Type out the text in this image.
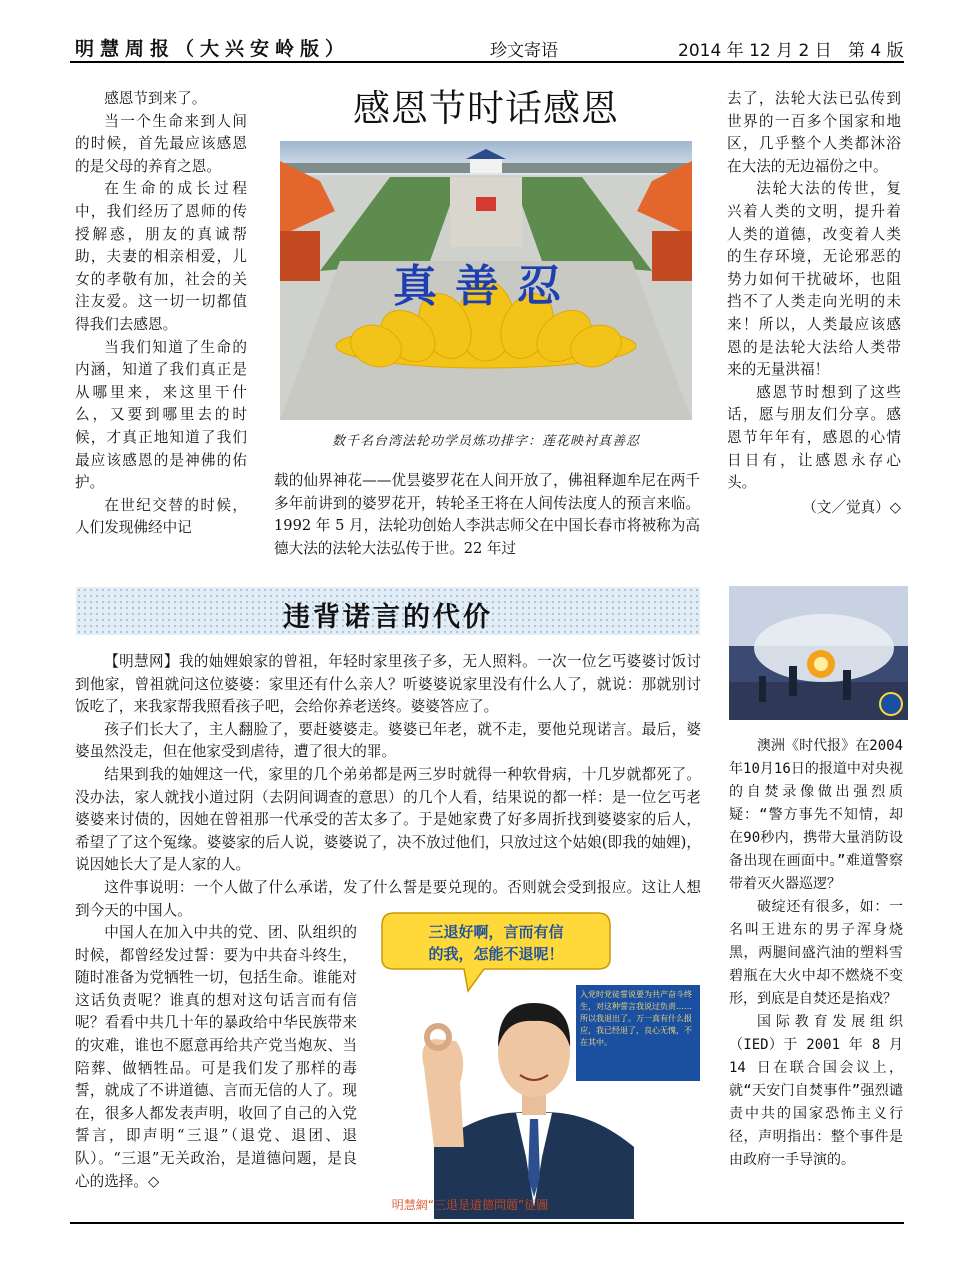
明慧周报（大兴安岭版）	珍文寄语	2014 年 12 月 2 日 第 4 版
感恩节时话感恩

感恩节到来了。

当一个生命来到人间的时候，首先最应该感恩的是父母的养育之恩。

在生命的成长过程中，我们经历了恩师的传授解惑，朋友的真诚帮助，夫妻的相亲相爱，儿女的孝敬有加，社会的关注友爱。这一切一切都值得我们去感恩。

当我们知道了生命的内涵，知道了我们真正是从哪里来，来这里干什么，又要到哪里去的时候，才真正地知道了我们最应该感恩的是神佛的佑护。

在世纪交替的时候，人们发现佛经中记

真善忍
数千名台湾法轮功学员炼功排字：莲花映衬真善忍

载的仙界神花——优昙婆罗花在人间开放了，佛祖释迦牟尼在两千多年前讲到的婆罗花开，转轮圣王将在人间传法度人的预言来临。1992 年 5 月，法轮功创始人李洪志师父在中国长春市将被称为高德大法的法轮大法弘传于世。22 年过

去了，法轮大法已弘传到世界的一百多个国家和地区，几乎整个人类都沐浴在大法的无边福份之中。

法轮大法的传世，复兴着人类的文明，提升着人类的道德，改变着人类的生存环境，无论邪恶的势力如何干扰破坏，也阻挡不了人类走向光明的未来！所以，人类最应该感恩的是法轮大法给人类带来的无量洪福！

感恩节时想到了这些话，愿与朋友们分享。感恩节年年有，感恩的心情日日有，让感恩永存心头。

（文／觉真）◇

违背诺言的代价

【明慧网】我的妯娌娘家的曾祖，年轻时家里孩子多，无人照料。一次一位乞丐婆婆讨饭讨到他家，曾祖就问这位婆婆：家里还有什么亲人？听婆婆说家里没有什么人了，就说：那就别讨饭吃了，来我家帮我照看孩子吧，会给你养老送终。婆婆答应了。

孩子们长大了，主人翻脸了，要赶婆婆走。婆婆已年老，就不走，要他兑现诺言。最后，婆婆虽然没走，但在他家受到虐待，遭了很大的罪。

结果到我的妯娌这一代，家里的几个弟弟都是两三岁时就得一种软骨病，十几岁就都死了。没办法，家人就找小道过阴（去阴间调查的意思）的几个人看，结果说的都一样：是一位乞丐老婆婆来讨债的，因她在曾祖那一代承受的苦太多了。于是她家费了好多周折找到婆婆家的后人，希望了了这个冤缘。婆婆家的后人说，婆婆说了，决不放过他们，只放过这个姑娘(即我的妯娌)，说因她长大了是人家的人。

这件事说明：一个人做了什么承诺，发了什么誓是要兑现的。否则就会受到报应。这让人想到今天的中国人。

中国人在加入中共的党、团、队组织的时候，都曾经发过誓：要为中共奋斗终生，随时准备为党牺牲一切，包括生命。谁能对这话负责呢？谁真的想对这句话言而有信呢？看看中共几十年的暴政给中华民族带来的灾难，谁也不愿意再给共产党当炮灰、当陪葬、做牺牲品。可是我们发了那样的毒誓，就成了不讲道德、言而无信的人了。现在，很多人都发表声明，收回了自己的入党誓言，即声明“三退”（退党、退团、退队）。“三退”无关政治，是道德问题，是良心的选择。◇

三退好啊，言而有信
的我，怎能不退呢！
入党时党徒誓说要为共产奋斗终生，对这种誓言我说过负责……所以我退出了。万一真有什么报应，我已经退了，良心无愧，不在其中。
明慧網“三退是道德問題”征圖

澳洲《时代报》在2004年10月16日的报道中对央视的自焚录像做出强烈质疑：“警方事先不知情，却在90秒内，携带大量消防设备出现在画面中。”难道警察带着灭火器巡逻？

破绽还有很多，如：一名叫王进东的男子浑身烧黑，两腿间盛汽油的塑料雪碧瓶在大火中却不燃烧不变形，到底是自焚还是掐戏？

国际教育发展组织（IED）于 2001 年 8 月 14 日在联合国会议上，就“天安门自焚事件”强烈谴责中共的国家恐怖主义行径，声明指出：整个事件是由政府一手导演的。
